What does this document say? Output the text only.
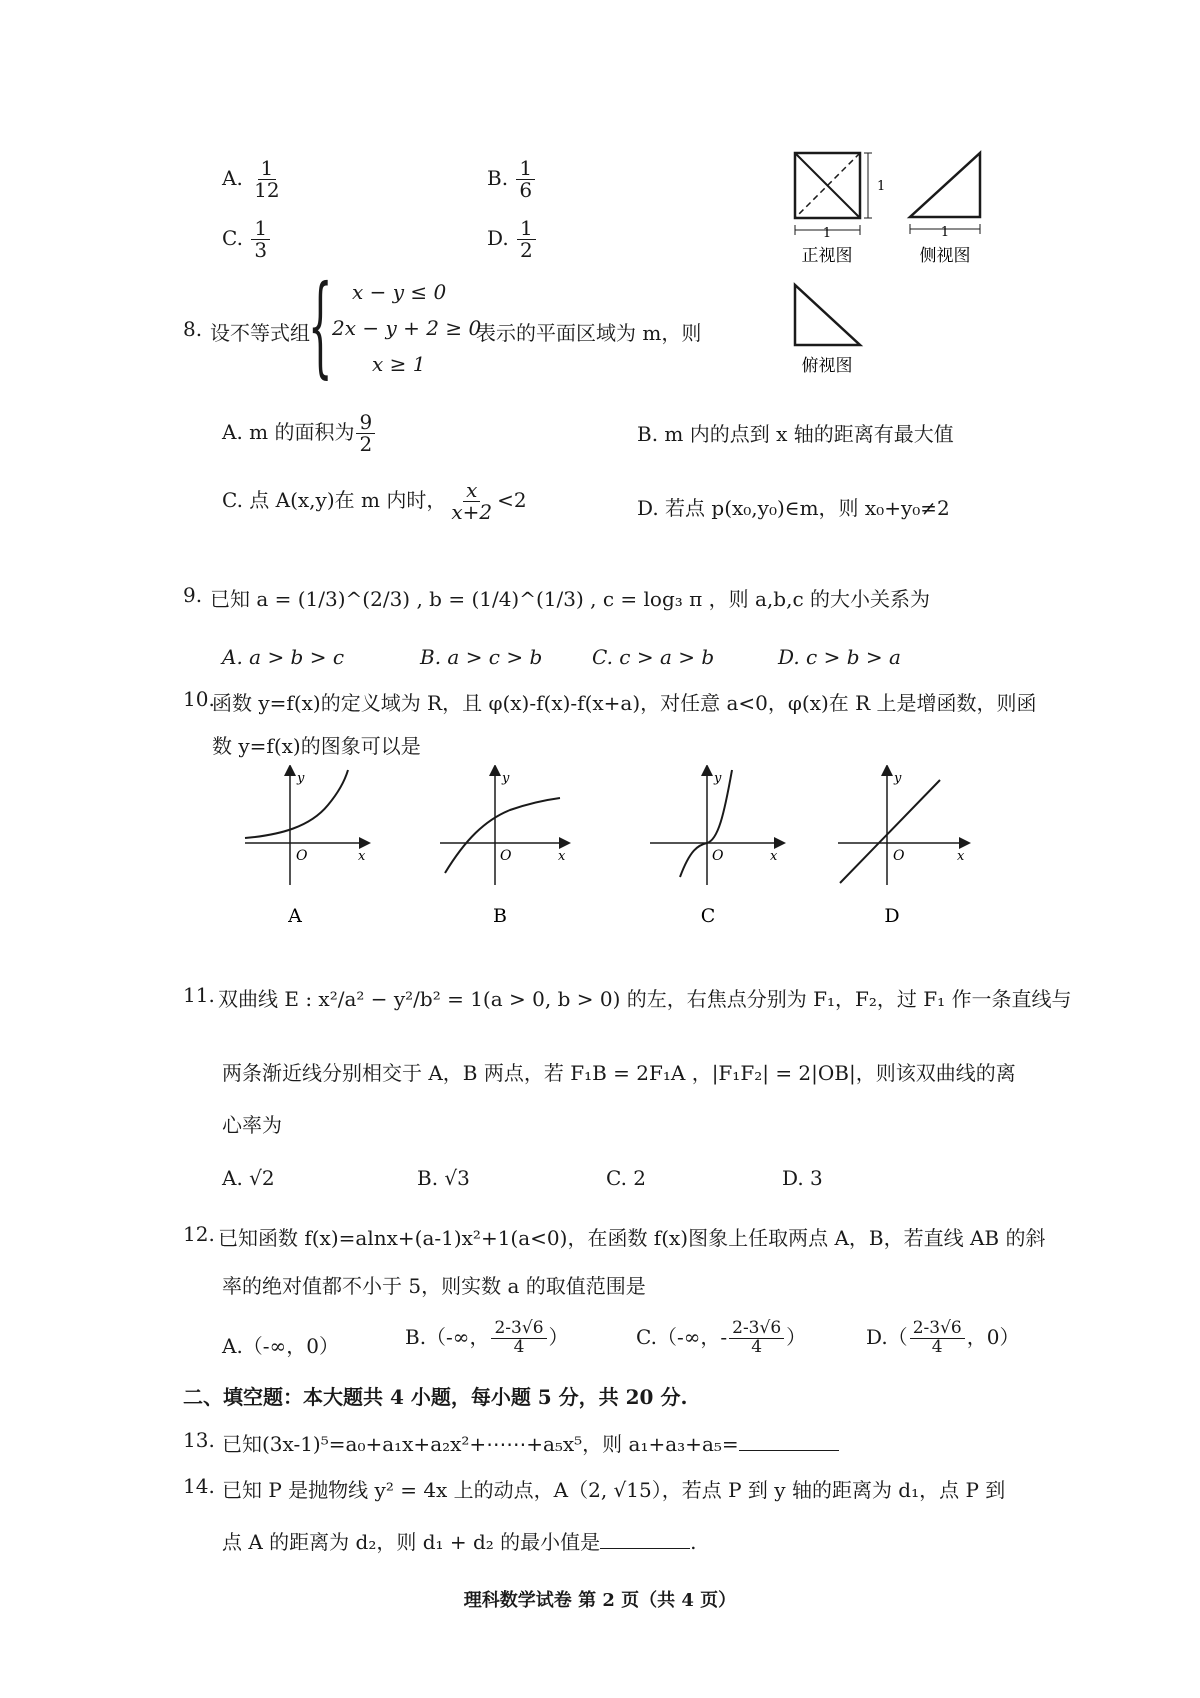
A. $\frac{1}{12}$	B. $\frac{1}{6}$
C. $\frac{1}{3}$	D. $\frac{1}{2}$	1
1
正视图
1
侧视图
俯视图
8. 设不等式组
{ x − y ≤ 0
2x − y + 2 ≥ 0
表示的平面区域为 m，则
x ≥ 1
A. m 的面积为 $\frac{9}{2}$	B. m 内的点到 x 轴的距离有最大值
C. 点 A(x,y)在 m 内时， $\frac{x}{x+2} <2$	D. 若点 p(x₀,y₀)∈m，则 x₀+y₀≠2
9. 已知 a = (1/3)^(2/3) , b = (1/4)^(1/3) , c = log₃ π ，则 a,b,c 的大小关系为
A. a > b > c	B. a > c > b C. c > a > b	D. c > b > a
10.
函数 y=f(x)的定义域为 R，且 φ(x)-f(x)-f(x+a)，对任意 a<0，φ(x)在 R 上是增函数，则函
数 y=f(x)的图象可以是
O	x
y
A
O	x
y
B
O	x
y
C
O	x
y
D
11. 双曲线 E : x²/a² − y²/b² = 1(a > 0, b > 0) 的左，右焦点分别为 F₁，F₂，过 F₁ 作一条直线与
两条渐近线分别相交于 A，B 两点，若 F₁B = 2F₁A ，|F₁F₂| = 2|OB|，则该双曲线的离
心率为
A. √2	B. √3	C. 2	D. 3
12. 已知函数 f(x)=alnx+(a-1)x²+1(a<0)，在函数 f(x)图象上任取两点 A，B，若直线 AB 的斜
率的绝对值都不小于 5，则实数 a 的取值范围是
A.（-∞，0）	B.（-∞， $\frac{2-3√6}{4}$ ）	C.（-∞，- $\frac{2-3√6}{4}$ ）	$D.( \frac{2-3√6}{4}$ ，0）
二、填空题：本大题共 4 小题，每小题 5 分，共 20 分.
13. 已知(3x-1)⁵=a₀+a₁x+a₂x²+⋯⋯+a₅x⁵，则 a₁+a₃+a₅=
14. 已知 P 是抛物线 y² = 4x 上的动点，A（2, √15），若点 P 到 y 轴的距离为 d₁，点 P 到
点 A 的距离为 d₂，则 d₁ + d₂ 的最小值是	.
理科数学试卷 第 2 页（共 4 页）
